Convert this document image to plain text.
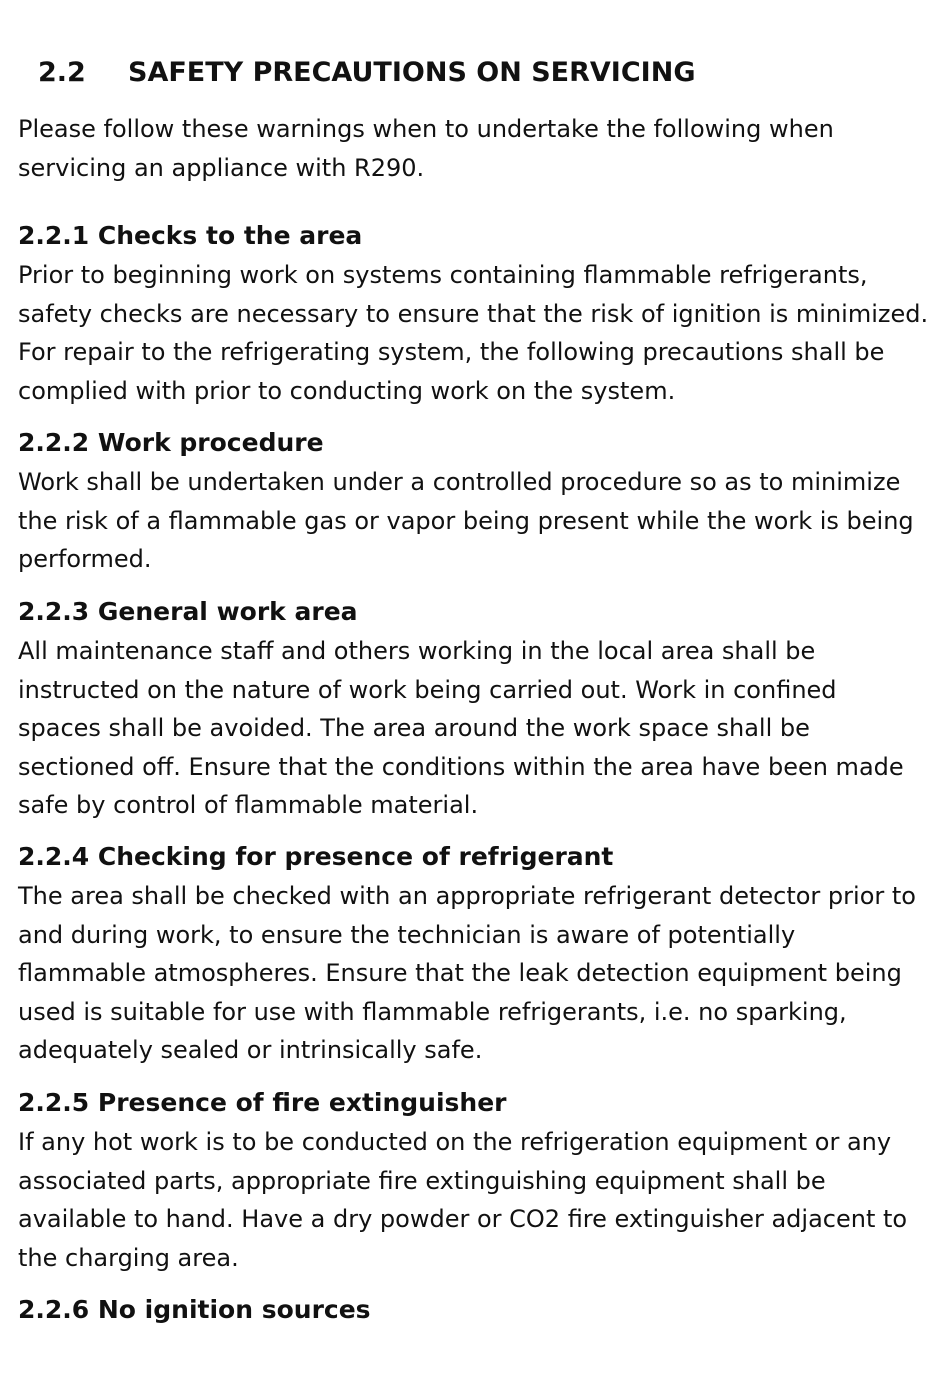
2.2 SAFETY PRECAUTIONS ON SERVICING

Please follow these warnings when to undertake the following when
servicing an appliance with R290.

2.2.1 Checks to the area

Prior to beginning work on systems containing flammable refrigerants,
safety checks are necessary to ensure that the risk of ignition is minimized.
For repair to the refrigerating system, the following precautions shall be
complied with prior to conducting work on the system.

2.2.2 Work procedure

Work shall be undertaken under a controlled procedure so as to minimize
the risk of a flammable gas or vapor being present while the work is being
performed.

2.2.3 General work area

All maintenance staff and others working in the local area shall be
instructed on the nature of work being carried out. Work in confined
spaces shall be avoided. The area around the work space shall be
sectioned off. Ensure that the conditions within the area have been made
safe by control of flammable material.

2.2.4 Checking for presence of refrigerant

The area shall be checked with an appropriate refrigerant detector prior to
and during work, to ensure the technician is aware of potentially
flammable atmospheres. Ensure that the leak detection equipment being
used is suitable for use with flammable refrigerants, i.e. no sparking,
adequately sealed or intrinsically safe.

2.2.5 Presence of fire extinguisher

If any hot work is to be conducted on the refrigeration equipment or any
associated parts, appropriate fire extinguishing equipment shall be
available to hand. Have a dry powder or CO2 fire extinguisher adjacent to
the charging area.

2.2.6 No ignition sources
